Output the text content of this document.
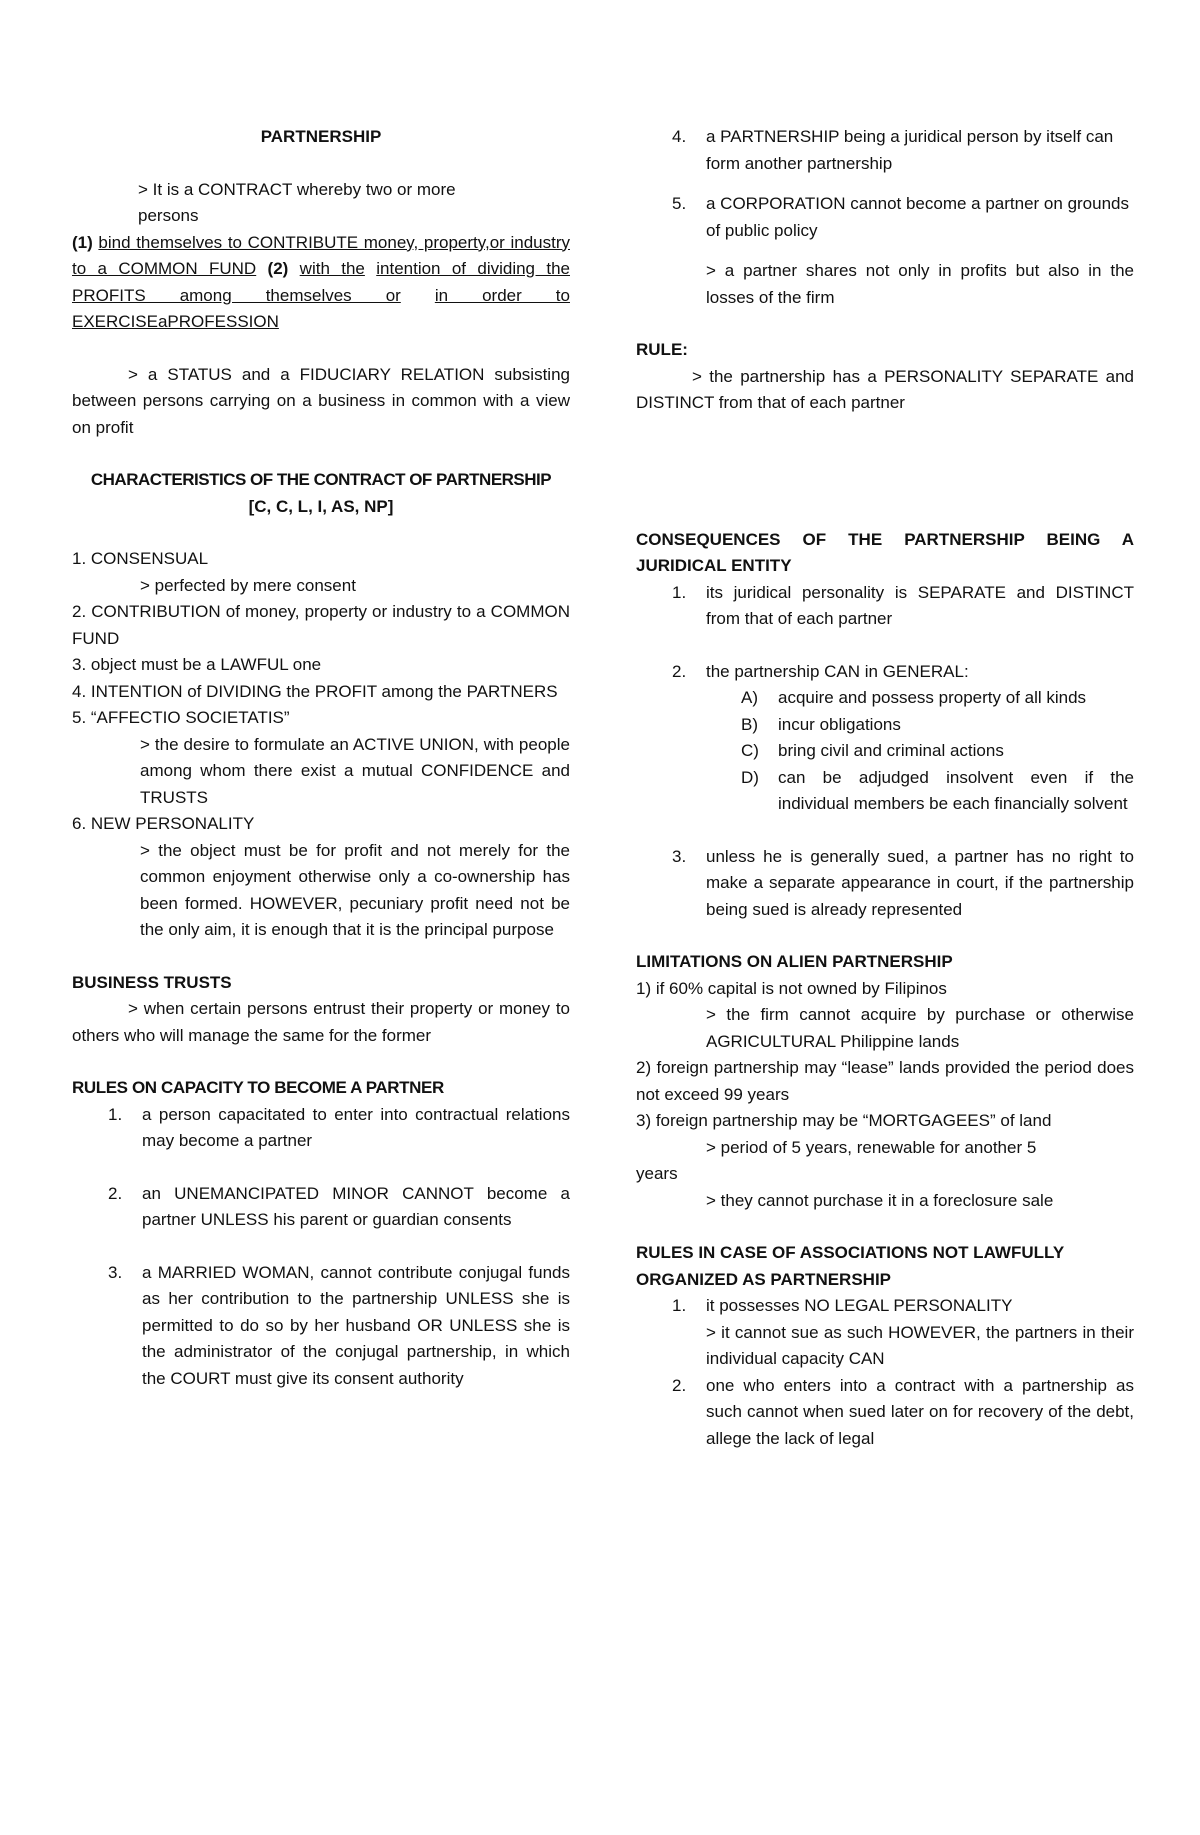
PARTNERSHIP

> It is a CONTRACT whereby two or more

persons

(1) bind themselves to CONTRIBUTE money, property,or industry to a COMMON FUND (2) with the intention of dividing the PROFITS among themselves or in order to EXERCISEaPROFESSION

> a STATUS and a FIDUCIARY RELATION subsisting between persons carrying on a business in common with a view on profit

CHARACTERISTICS OF THE CONTRACT OF PARTNERSHIP

[C, C, L, I, AS, NP]

1. CONSENSUAL

> perfected by mere consent

2. CONTRIBUTION of money, property or industry to a COMMON FUND

3. object must be a LAWFUL one

4. INTENTION of DIVIDING the PROFIT among the PARTNERS

5. “AFFECTIO SOCIETATIS”

> the desire to formulate an ACTIVE UNION, with people among whom there exist a mutual CONFIDENCE and TRUSTS

6. NEW PERSONALITY

> the object must be for profit and not merely for the common enjoyment otherwise only a co-ownership has been formed. HOWEVER, pecuniary profit need not be the only aim, it is enough that it is the principal purpose

BUSINESS TRUSTS

> when certain persons entrust their property or money to others who will manage the same for the former

RULES ON CAPACITY TO BECOME A PARTNER

1. a person capacitated to enter into contractual relations may become a partner

2. an UNEMANCIPATED MINOR CANNOT become a partner UNLESS his parent or guardian consents

3. a MARRIED WOMAN, cannot contribute conjugal funds as her contribution to the partnership UNLESS she is permitted to do so by her husband OR UNLESS she is the administrator of the conjugal partnership, in which the COURT must give its consent authority

4. a PARTNERSHIP being a juridical person by itself can form another partnership

5. a CORPORATION cannot become a partner on grounds of public policy

> a partner shares not only in profits but also in the losses of the firm

RULE:

> the partnership has a PERSONALITY SEPARATE and DISTINCT from that of each partner

CONSEQUENCES OF THE PARTNERSHIP BEING A JURIDICAL ENTITY

1. its juridical personality is SEPARATE and DISTINCT from that of each partner

2. the partnership CAN in GENERAL:

A) acquire and possess property of all kinds

B) incur obligations

C) bring civil and criminal actions

D) can be adjudged insolvent even if the individual members be each financially solvent

3. unless he is generally sued, a partner has no right to make a separate appearance in court, if the partnership being sued is already represented

LIMITATIONS ON ALIEN PARTNERSHIP

1) if 60% capital is not owned by Filipinos

> the firm cannot acquire by purchase or otherwise AGRICULTURAL Philippine lands

2) foreign partnership may “lease” lands provided the period does not exceed 99 years

3) foreign partnership may be “MORTGAGEES” of land

> period of 5 years, renewable for another 5

years

> they cannot purchase it in a foreclosure sale

RULES IN CASE OF ASSOCIATIONS NOT LAWFULLY ORGANIZED AS PARTNERSHIP

1. it possesses NO LEGAL PERSONALITY

> it cannot sue as such HOWEVER, the partners in their individual capacity CAN

2. one who enters into a contract with a partnership as such cannot when sued later on for recovery of the debt, allege the lack of legal
